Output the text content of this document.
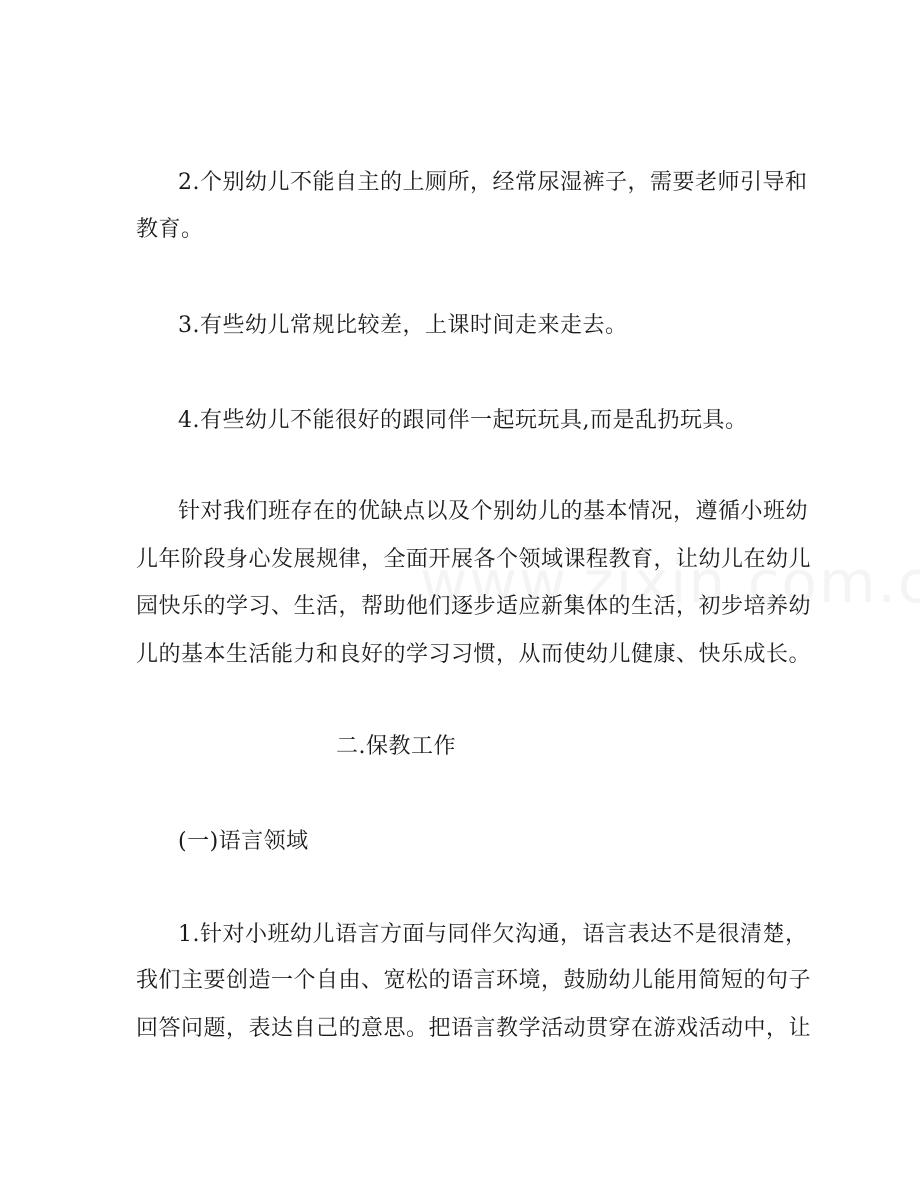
2.个别幼儿不能自主的上厕所，经常尿湿裤子，需要老师引导和
教育。
3.有些幼儿常规比较差，上课时间走来走去。
4.有些幼儿不能很好的跟同伴一起玩玩具,而是乱扔玩具。
针对我们班存在的优缺点以及个别幼儿的基本情况，遵循小班幼
儿年阶段身心发展规律，全面开展各个领域课程教育，让幼儿在幼儿
园快乐的学习、生活，帮助他们逐步适应新集体的生活，初步培养幼
儿的基本生活能力和良好的学习习惯，从而使幼儿健康、快乐成长。
二.保教工作
(一)语言领域
1.针对小班幼儿语言方面与同伴欠沟通，语言表达不是很清楚，
我们主要创造一个自由、宽松的语言环境，鼓励幼儿能用简短的句子
回答问题，表达自己的意思。把语言教学活动贯穿在游戏活动中，让
